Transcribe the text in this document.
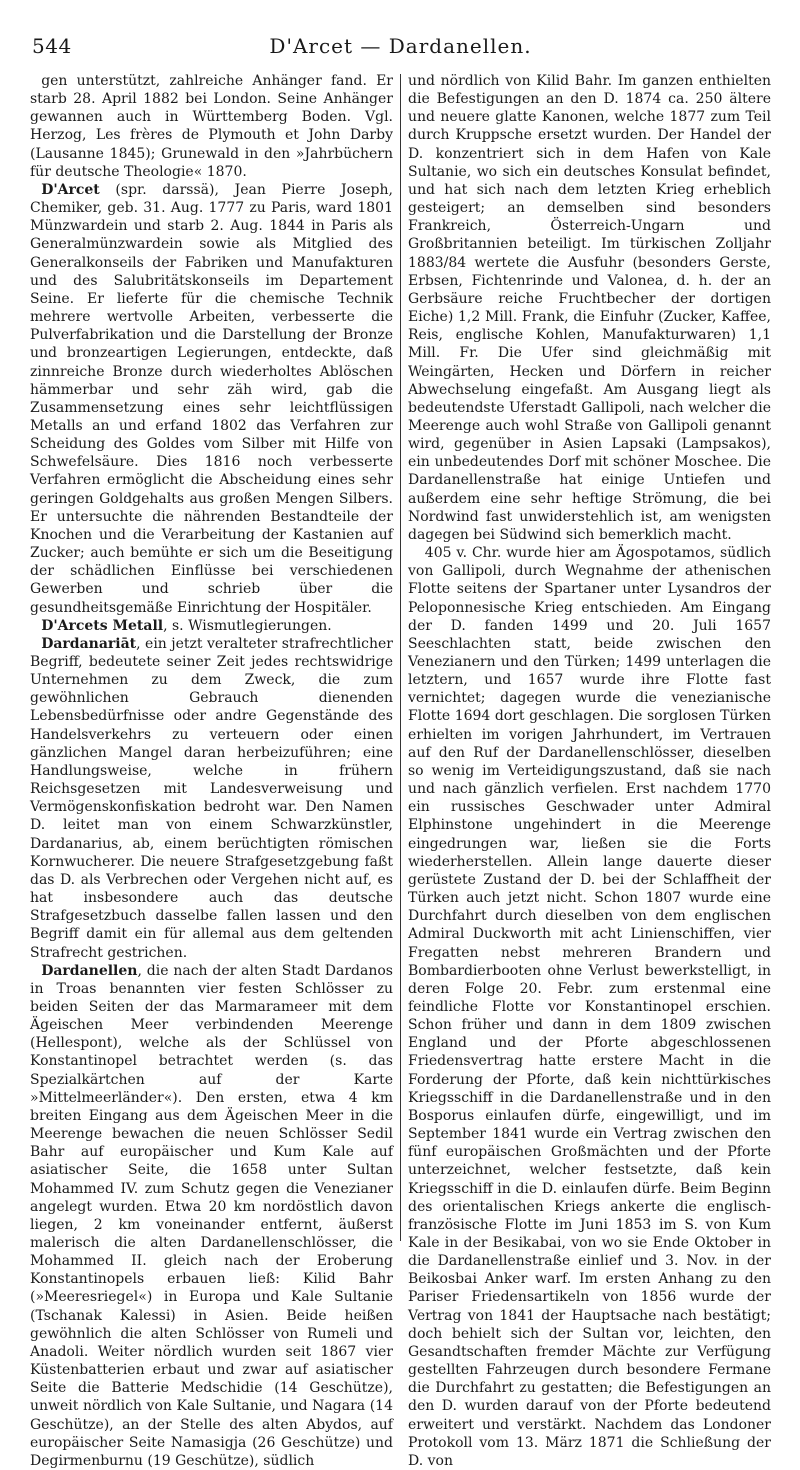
544	D'Arcet — Dardanellen.

gen unterstützt, zahlreiche Anhänger fand. Er starb 28. April 1882 bei London. Seine Anhänger gewannen auch in Württemberg Boden. Vgl. Herzog, Les frères de Plymouth et John Darby (Lausanne 1845); Grunewald in den »Jahrbüchern für deutsche Theologie« 1870.

D'Arcet (spr. darssä), Jean Pierre Joseph, Chemiker, geb. 31. Aug. 1777 zu Paris, ward 1801 Münzwardein und starb 2. Aug. 1844 in Paris als Generalmünzwardein sowie als Mitglied des Generalkonseils der Fabriken und Manufakturen und des Salubritätskonseils im Departement Seine. Er lieferte für die chemische Technik mehrere wertvolle Arbeiten, verbesserte die Pulverfabrikation und die Darstellung der Bronze und bronzeartigen Legierungen, entdeckte, daß zinnreiche Bronze durch wiederholtes Ablöschen hämmerbar und sehr zäh wird, gab die Zusammensetzung eines sehr leichtflüssigen Metalls an und erfand 1802 das Verfahren zur Scheidung des Goldes vom Silber mit Hilfe von Schwefelsäure. Dies 1816 noch verbesserte Verfahren ermöglicht die Abscheidung eines sehr geringen Goldgehalts aus großen Mengen Silbers. Er untersuchte die nährenden Bestandteile der Knochen und die Verarbeitung der Kastanien auf Zucker; auch bemühte er sich um die Beseitigung der schädlichen Einflüsse bei verschiedenen Gewerben und schrieb über die gesundheitsgemäße Einrichtung der Hospitäler.

D'Arcets Metall, s. Wismutlegierungen.

Dardanariāt, ein jetzt veralteter strafrechtlicher Begriff, bedeutete seiner Zeit jedes rechtswidrige Unternehmen zu dem Zweck, die zum gewöhnlichen Gebrauch dienenden Lebensbedürfnisse oder andre Gegenstände des Handelsverkehrs zu verteuern oder einen gänzlichen Mangel daran herbeizuführen; eine Handlungsweise, welche in frühern Reichsgesetzen mit Landesverweisung und Vermögenskonfiskation bedroht war. Den Namen D. leitet man von einem Schwarzkünstler, Dardanarius, ab, einem berüchtigten römischen Kornwucherer. Die neuere Strafgesetzgebung faßt das D. als Verbrechen oder Vergehen nicht auf, es hat insbesondere auch das deutsche Strafgesetzbuch dasselbe fallen lassen und den Begriff damit ein für allemal aus dem geltenden Strafrecht gestrichen.

Dardanellen, die nach der alten Stadt Dardanos in Troas benannten vier festen Schlösser zu beiden Seiten der das Marmarameer mit dem Ägeischen Meer verbindenden Meerenge (Hellespont), welche als der Schlüssel von Konstantinopel betrachtet werden (s. das Spezialkärtchen auf der Karte »Mittelmeerländer«). Den ersten, etwa 4 km breiten Eingang aus dem Ägeischen Meer in die Meerenge bewachen die neuen Schlösser Sedil Bahr auf europäischer und Kum Kale auf asiatischer Seite, die 1658 unter Sultan Mohammed IV. zum Schutz gegen die Venezianer angelegt wurden. Etwa 20 km nordöstlich davon liegen, 2 km voneinander entfernt, äußerst malerisch die alten Dardanellenschlösser, die Mohammed II. gleich nach der Eroberung Konstantinopels erbauen ließ: Kilid Bahr (»Meeresriegel«) in Europa und Kale Sultanie (Tschanak Kalessi) in Asien. Beide heißen gewöhnlich die alten Schlösser von Rumeli und Anadoli. Weiter nördlich wurden seit 1867 vier Küstenbatterien erbaut und zwar auf asiatischer Seite die Batterie Medschidie (14 Geschütze), unweit nördlich von Kale Sultanie, und Nagara (14 Geschütze), an der Stelle des alten Abydos, auf europäischer Seite Namasigja (26 Geschütze) und Degirmenburnu (19 Geschütze), südlich

und nördlich von Kilid Bahr. Im ganzen enthielten die Befestigungen an den D. 1874 ca. 250 ältere und neuere glatte Kanonen, welche 1877 zum Teil durch Kruppsche ersetzt wurden. Der Handel der D. konzentriert sich in dem Hafen von Kale Sultanie, wo sich ein deutsches Konsulat befindet, und hat sich nach dem letzten Krieg erheblich gesteigert; an demselben sind besonders Frankreich, Österreich-Ungarn und Großbritannien beteiligt. Im türkischen Zolljahr 1883/84 wertete die Ausfuhr (besonders Gerste, Erbsen, Fichtenrinde und Valonea, d. h. der an Gerbsäure reiche Fruchtbecher der dortigen Eiche) 1,2 Mill. Frank, die Einfuhr (Zucker, Kaffee, Reis, englische Kohlen, Manufakturwaren) 1,1 Mill. Fr. Die Ufer sind gleichmäßig mit Weingärten, Hecken und Dörfern in reicher Abwechselung eingefaßt. Am Ausgang liegt als bedeutendste Uferstadt Gallipoli, nach welcher die Meerenge auch wohl Straße von Gallipoli genannt wird, gegenüber in Asien Lapsaki (Lampsakos), ein unbedeutendes Dorf mit schöner Moschee. Die Dardanellenstraße hat einige Untiefen und außerdem eine sehr heftige Strömung, die bei Nordwind fast unwiderstehlich ist, am wenigsten dagegen bei Südwind sich bemerklich macht.

405 v. Chr. wurde hier am Ägospotamos, südlich von Gallipoli, durch Wegnahme der athenischen Flotte seitens der Spartaner unter Lysandros der Peloponnesische Krieg entschieden. Am Eingang der D. fanden 1499 und 20. Juli 1657 Seeschlachten statt, beide zwischen den Venezianern und den Türken; 1499 unterlagen die letztern, und 1657 wurde ihre Flotte fast vernichtet; dagegen wurde die venezianische Flotte 1694 dort geschlagen. Die sorglosen Türken erhielten im vorigen Jahrhundert, im Vertrauen auf den Ruf der Dardanellenschlösser, dieselben so wenig im Verteidigungszustand, daß sie nach und nach gänzlich verfielen. Erst nachdem 1770 ein russisches Geschwader unter Admiral Elphinstone ungehindert in die Meerenge eingedrungen war, ließen sie die Forts wiederherstellen. Allein lange dauerte dieser gerüstete Zustand der D. bei der Schlaffheit der Türken auch jetzt nicht. Schon 1807 wurde eine Durchfahrt durch dieselben von dem englischen Admiral Duckworth mit acht Linienschiffen, vier Fregatten nebst mehreren Brandern und Bombardierbooten ohne Verlust bewerkstelligt, in deren Folge 20. Febr. zum erstenmal eine feindliche Flotte vor Konstantinopel erschien. Schon früher und dann in dem 1809 zwischen England und der Pforte abgeschlossenen Friedensvertrag hatte erstere Macht in die Forderung der Pforte, daß kein nichttürkisches Kriegsschiff in die Dardanellenstraße und in den Bosporus einlaufen dürfe, eingewilligt, und im September 1841 wurde ein Vertrag zwischen den fünf europäischen Großmächten und der Pforte unterzeichnet, welcher festsetzte, daß kein Kriegsschiff in die D. einlaufen dürfe. Beim Beginn des orientalischen Kriegs ankerte die englisch-französische Flotte im Juni 1853 im S. von Kum Kale in der Besikabai, von wo sie Ende Oktober in die Dardanellenstraße einlief und 3. Nov. in der Beikosbai Anker warf. Im ersten Anhang zu den Pariser Friedensartikeln von 1856 wurde der Vertrag von 1841 der Hauptsache nach bestätigt; doch behielt sich der Sultan vor, leichten, den Gesandtschaften fremder Mächte zur Verfügung gestellten Fahrzeugen durch besondere Fermane die Durchfahrt zu gestatten; die Befestigungen an den D. wurden darauf von der Pforte bedeutend erweitert und verstärkt. Nachdem das Londoner Protokoll vom 13. März 1871 die Schließung der D. von
